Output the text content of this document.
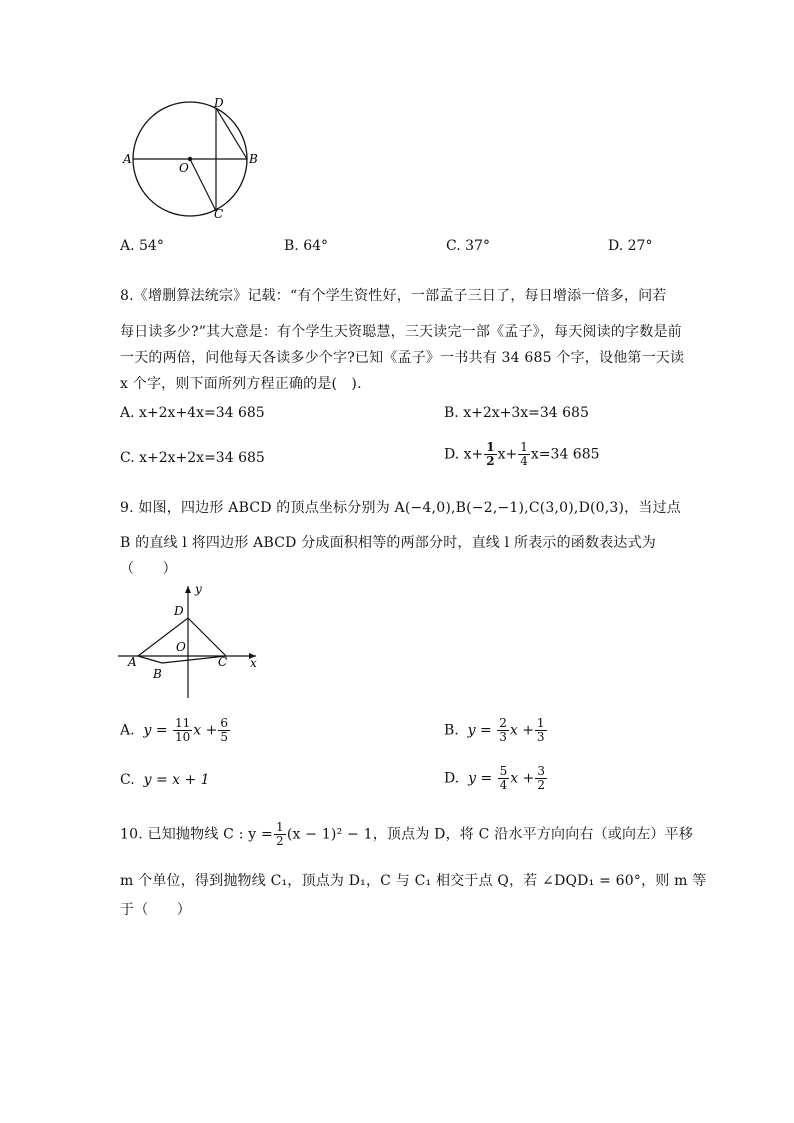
A	B
C
D
O
A. 54°	B. 64°	C. 37°	D. 27°
8.《增删算法统宗》记载：“有个学生资性好，一部孟子三日了，每日增添一倍多，问若
每日读多少?”其大意是：有个学生天资聪慧，三天读完一部《孟子》，每天阅读的字数是前
一天的两倍，问他每天各读多少个字?已知《孟子》一书共有 34 685 个字，设他第一天读
x 个字，则下面所列方程正确的是(　).
A. x+2x+4x=34 685	B. x+2x+3x=34 685
C. x+2x+2x=34 685	D. $x+ \frac{1}{2} x+ \frac{1}{4} x=34$ 685
9. 如图，四边形 ABCD 的顶点坐标分别为 A(−4,0),B(−2,−1),C(3,0),D(0,3)，当过点
B 的直线 l 将四边形 ABCD 分成面积相等的两部分时，直线 l 所表示的函数表达式为
（　　）
y
x
D
O
A
B
C
A. $y = \frac{11}{10}$ $x + \frac{6}{5}$	B. $y = \frac{2}{3}$ $x + \frac{1}{3}$
C. y = x + 1	D. $y = \frac{5}{4}$ $x + \frac{3}{2}$
10. 已知抛物线 C : $y = \frac{1}{2} (x - 1)^2 - 1$，顶点为 D，将 C 沿水平方向向右（或向左）平移
m 个单位，得到抛物线 C₁，顶点为 D₁，C 与 C₁ 相交于点 Q，若 ∠DQD₁ = 60°，则 m 等
于（　　）
